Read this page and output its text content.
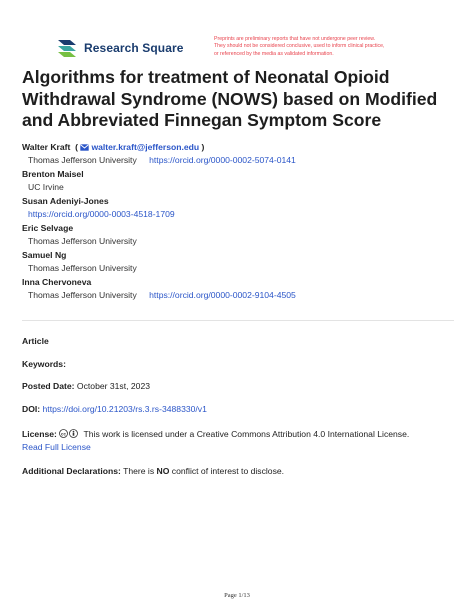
Research Square
Preprints are preliminary reports that have not undergone peer review.
They should not be considered conclusive, used to inform clinical practice,
or referenced by the media as validated information.
Algorithms for treatment of Neonatal Opioid Withdrawal Syndrome (NOWS) based on Modified and Abbreviated Finnegan Symptom Score
Walter Kraft ( walter.kraft@jefferson.edu )
Thomas Jefferson University https://orcid.org/0000-0002-5074-0141
Brenton Maisel
UC Irvine
Susan Adeniyi-Jones
https://orcid.org/0000-0003-4518-1709
Eric Selvage
Thomas Jefferson University
Samuel Ng
Thomas Jefferson University
Inna Chervoneva
Thomas Jefferson University https://orcid.org/0000-0002-9104-4505
Article
Keywords:
Posted Date: October 31st, 2023
DOI: https://doi.org/10.21203/rs.3.rs-3488330/v1
License: cc This work is licensed under a Creative Commons Attribution 4.0 International License.
Read Full License
Additional Declarations: There is NO conflict of interest to disclose.
Page 1/13
